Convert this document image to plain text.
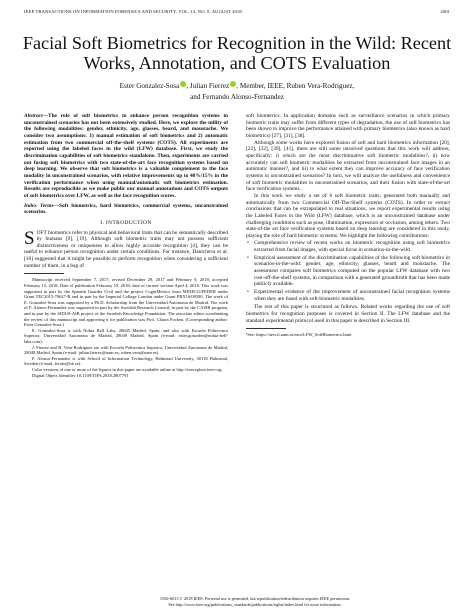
IEEE TRANSACTIONS ON INFORMATION FORENSICS AND SECURITY, VOL. 13, NO. 8, AUGUST 2018	2001
Facial Soft Biometrics for Recognition in the Wild: Recent Works, Annotation, and COTS Evaluation
Ester Gonzalez-Sosa , Julian Fierrez , Member, IEEE, Ruben Vera-Rodriguez,
and Fernando Alonso-Fernandez

Abstract—The role of soft biometrics to enhance person recognition systems in unconstrained scenarios has not been extensively studied. Here, we explore the utility of the following modalities: gender, ethnicity, age, glasses, beard, and moustache. We consider two assumptions: 1) manual estimation of soft biometrics and 2) automatic estimation from two commercial off-the-shelf systems (COTS). All experiments are reported using the labeled faces in the wild (LFW) database. First, we study the discrimination capabilities of soft biometrics standalone. Then, experiments are carried out fusing soft biometrics with two state-of-the-art face recognition systems based on deep learning. We observe that soft biometrics is a valuable complement to the face modality in unconstrained scenarios, with relative improvements up to 40%/15% in the verification performance when using manual/automatic soft biometrics estimation. Results are reproducible as we make public our manual annotations and COTS outputs of soft biometrics over LFW, as well as the face recognition scores.

Index Terms—Soft biometrics, hard biometrics, commercial systems, unconstrained scenarios.

I. INTRODUCTION

SOFT biometrics refer to physical and behavioral traits that can be semantically described by humans [9], [19]. Although soft biometric traits may not possess sufficient distinctiveness or uniqueness to allow highly accurate recognition [4], they can be useful to enhance person recognition under certain conditions. For instance, Dantcheva et al. [10] suggested that it might be possible to perform recognition when considering a sufficient number of them, in a bag of

Manuscript received September 7, 2017; revised December 29, 2017 and February 9, 2018; accepted February 15, 2018. Date of publication February 19, 2018; date of current version April 4, 2018. This work was supported in part by the Spanish Guardia Civil and the project CogniMetrics from MINECO/FEDER under Grant TEC2015-70627-R and in part by the Imperial College London under Grant PRX16/00580. The work of E. Gonzalez-Sosa was supported by a Ph.D. Scholarship from the Universidad Autonoma de Madrid. The work of F. Alonso-Fernandez was supported in part by the Swedish Research Council, in part by the CAISR program, and in part by the SIDUS-AIR project of the Swedish Knowledge Foundation. The associate editor coordinating the review of this manuscript and approving it for publication was Prof. Chiara Focken. (Corresponding author: Ester Gonzalez-Sosa.)

E. Gonzalez-Sosa is with Nokia Bell Labs, 28045 Madrid, Spain, and also with Escuela Politecnica Superior, Universidad Autonoma de Madrid, 28049 Madrid, Spain (e-mail: ester.gonzalez@nokia-bell-labs.com).

J. Fierrez and R. Vera-Rodriguez are with Escuela Politecnica Superior, Universidad Autonoma de Madrid, 28049 Madrid, Spain (e-mail: julian.fierrez@uam.es; ruben.vera@uam.es).

F. Alonso-Fernandez is with School of Information Technology, Halmstad University, 30118 Halmstad, Sweden (e-mail: feralo@hh.se).

Color versions of one or more of the figures in this paper are available online at http://ieeexplore.ieee.org.

Digital Object Identifier 10.1109/TIFS.2018.2807791

soft biometrics. In application domains such as surveillance scenarios in which primary biometric traits may suffer from different types of degradation, the use of soft biometrics has been shown to improve the performance attained with primary biometrics (also known as hard biometrics) [27], [31], [38].

Although some works have explored fusion of soft and hard biometrics information [20], [22], [32], [39], [41], there are still some unsolved questions that this work will address, specifically: i) which are the most discriminative soft biometric modalities?, ii) how accurately can soft biometric modalities be extracted from unconstrained face images in an automatic manner?, and iii) to what extent they can improve accuracy of face verification systems in unconstrained scenarios? In turn, we will analyze the usefulness and convenience of soft biometric modalities in unconstrained scenarios, and their fusion with state-of-the-art face verification systems.

In this work we study a set of 6 soft biometric traits, generated both manually and automatically from two Commercial Off-The-Shelf systems (COTS). In order to extract conclusions that can be extrapolated to real situations, we report experimental results using the Labeled Faces in the Wild (LFW) database, which is an unconstrained database under challenging conditions such as pose, illumination, expression or occlusion, among others. Two state-of-the art face verification systems based on deep learning are considered in this study, playing the role of hard biometric systems. We highlight the following contributions:

• Comprehensive review of recent works on biometric recognition using soft biometrics extracted from facial images, with special focus in scenarios-in-the-wild.
• Empirical assessment of the discrimination capabilities of the following soft biometrics in scenarios-in-the-wild: gender, age, ethnicity, glasses, beard and moustache. The assessment compares soft biometrics computed on the popular LFW database with two cost-off-the-shelf systems, in comparison with a generated groundtruth that has been made publicly available.
• Experimental evidence of the improvement of unconstrained facial recognition systems when they are fused with soft-biometric modalities.

The rest of this paper is structured as follows. Related works regarding the use of soft biometrics for recognition purposes is covered in Section II. The LFW database and the standard experimental protocol used in this paper is described in Section III.

¹See: https://atvs.ii.uam.es/atvs/LFW_SoftBiometrics.html

1556-6013 © 2018 IEEE. Personal use is permitted, but republication/redistribution requires IEEE permission.
See http://www.ieee.org/publications_standards/publications/rights/index.html for more information.
